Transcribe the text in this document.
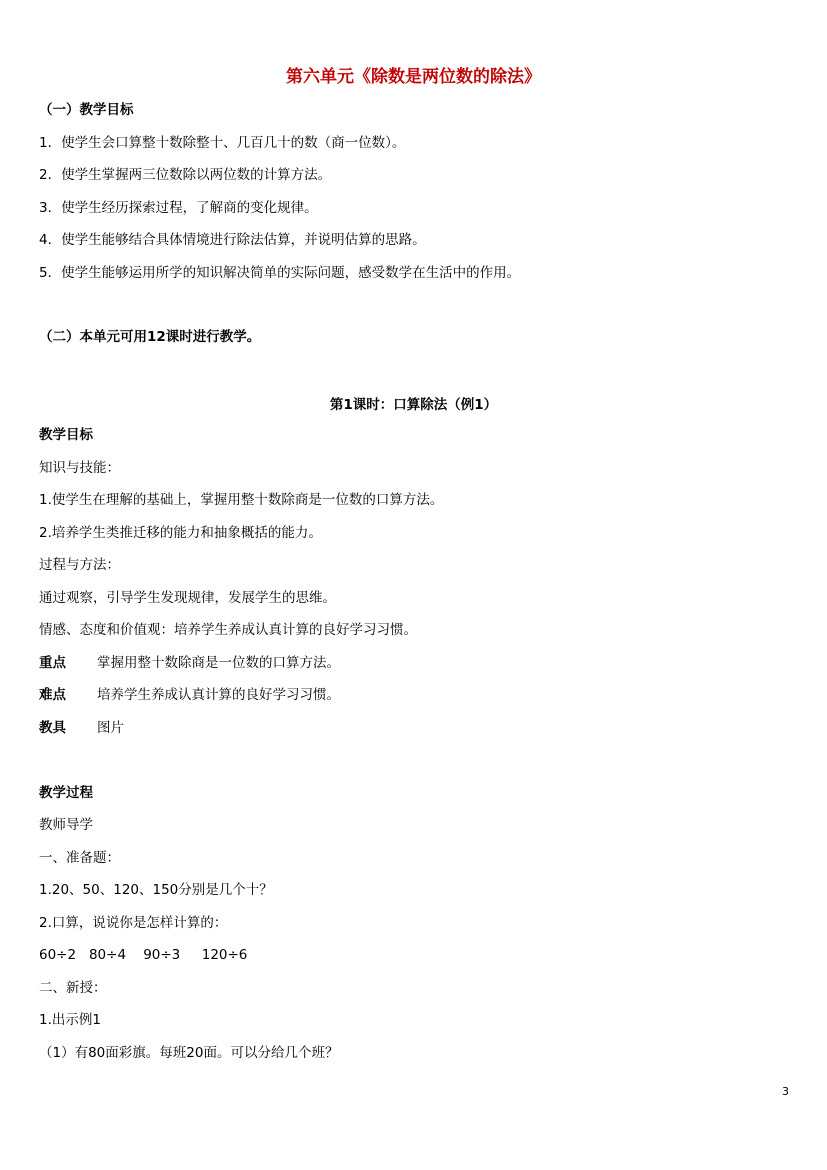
第六单元《除数是两位数的除法》
（一）教学目标
1．使学生会口算整十数除整十、几百几十的数（商一位数）。
2．使学生掌握两三位数除以两位数的计算方法。
3．使学生经历探索过程，了解商的变化规律。
4．使学生能够结合具体情境进行除法估算，并说明估算的思路。
5．使学生能够运用所学的知识解决简单的实际问题，感受数学在生活中的作用。
（二）本单元可用12课时进行教学。
第1课时：口算除法（例1）
教学目标
知识与技能：
1.使学生在理解的基础上，掌握用整十数除商是一位数的口算方法。
2.培养学生类推迁移的能力和抽象概括的能力。
过程与方法：
通过观察，引导学生发现规律，发展学生的思维。
情感、态度和价值观：培养学生养成认真计算的良好学习习惯。
重点 掌握用整十数除商是一位数的口算方法。
难点 培养学生养成认真计算的良好学习习惯。
教具 图片
教学过程
教师导学
一、准备题：
1.20、50、120、150分别是几个十？
2.口算，说说你是怎样计算的：
60÷2   80÷4    90÷3     120÷6
二、新授：
1.出示例1
（1）有80面彩旗。每班20面。可以分给几个班？
3
